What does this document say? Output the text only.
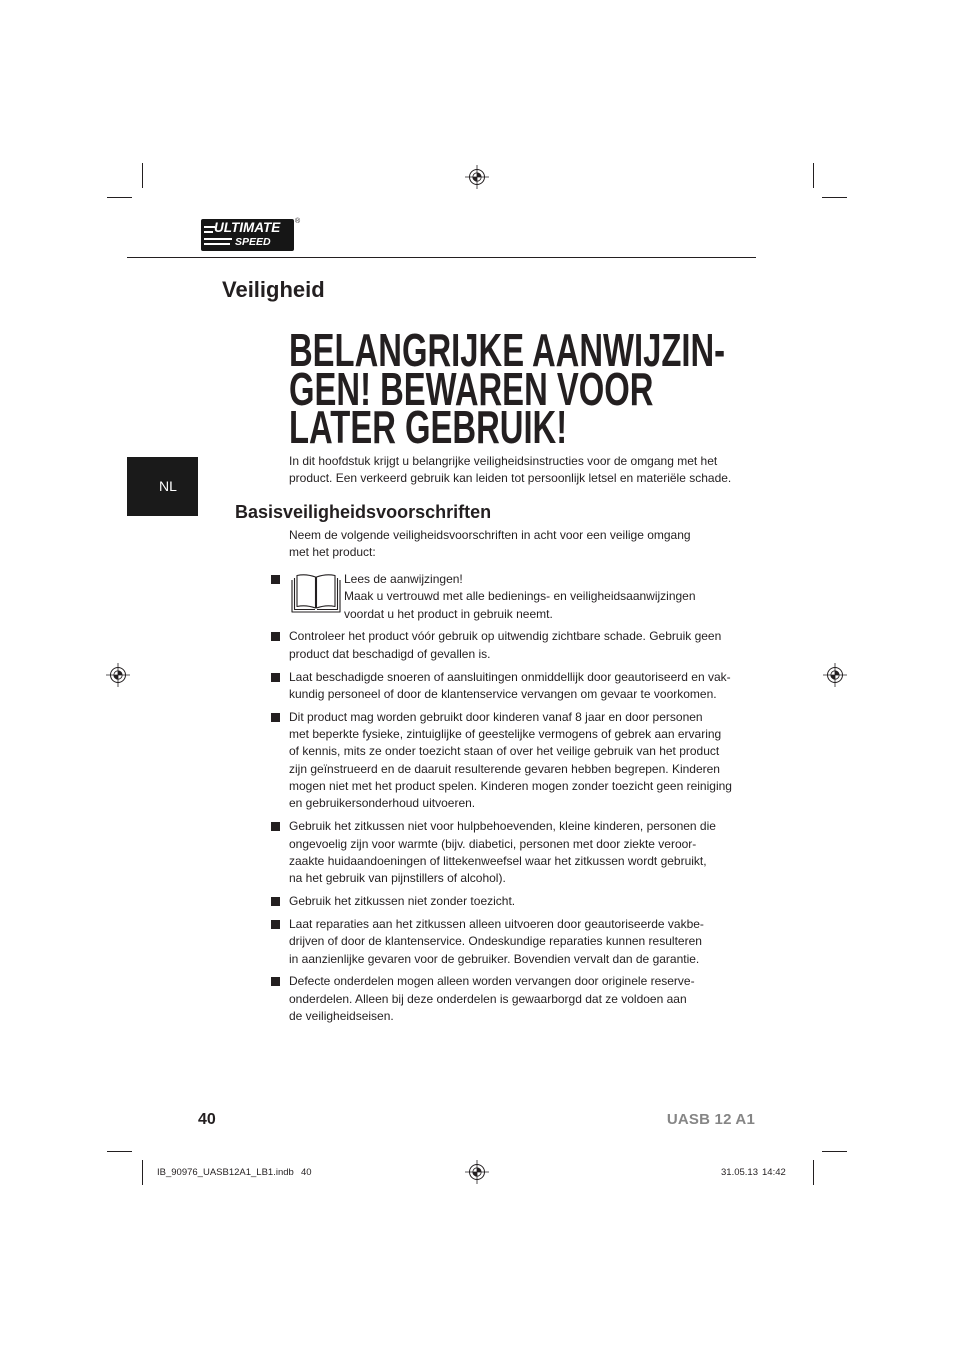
ULTIMATE
SPEED
®
Veiligheid
NL
BELANGRIJKE AANWIJZIN-
GEN! BEWAREN VOOR
LATER GEBRUIK!

In dit hoofdstuk krijgt u belangrijke veiligheidsinstructies voor de omgang met het
product. Een verkeerd gebruik kan leiden tot persoonlijk letsel en materiële schade.

Basisveiligheidsvoorschriften

Neem de volgende veiligheidsvoorschriften in acht voor een veilige omgang
met het product:

Lees de aanwijzingen!
Maak u vertrouwd met alle bedienings- en veiligheidsaanwijzingen
voordat u het product in gebruik neemt.
Controleer het product vóór gebruik op uitwendig zichtbare schade. Gebruik geen
product dat beschadigd of gevallen is.
Laat beschadigde snoeren of aansluitingen onmiddellijk door geautoriseerd en vak-
kundig personeel of door de klantenservice vervangen om gevaar te voorkomen.
Dit product mag worden gebruikt door kinderen vanaf 8 jaar en door personen
met beperkte fysieke, zintuiglijke of geestelijke vermogens of gebrek aan ervaring
of kennis, mits ze onder toezicht staan of over het veilige gebruik van het product
zijn geïnstrueerd en de daaruit resulterende gevaren hebben begrepen. Kinderen
mogen niet met het product spelen. Kinderen mogen zonder toezicht geen reiniging
en gebruikersonderhoud uitvoeren.
Gebruik het zitkussen niet voor hulpbehoevenden, kleine kinderen, personen die
ongevoelig zijn voor warmte (bijv. diabetici, personen met door ziekte veroor-
zaakte huidaandoeningen of littekenweefsel waar het zitkussen wordt gebruikt,
na het gebruik van pijnstillers of alcohol).
Gebruik het zitkussen niet zonder toezicht.
Laat reparaties aan het zitkussen alleen uitvoeren door geautoriseerde vakbe-
drijven of door de klantenservice. Ondeskundige reparaties kunnen resulteren
in aanzienlijke gevaren voor de gebruiker. Bovendien vervalt dan de garantie.
Defecte onderdelen mogen alleen worden vervangen door originele reserve-
onderdelen. Alleen bij deze onderdelen is gewaarborgd dat ze voldoen aan
de veiligheidseisen.
40	UASB 12 A1
IB_90976_UASB12A1_LB1.indb 40	31.05.13 14:42
